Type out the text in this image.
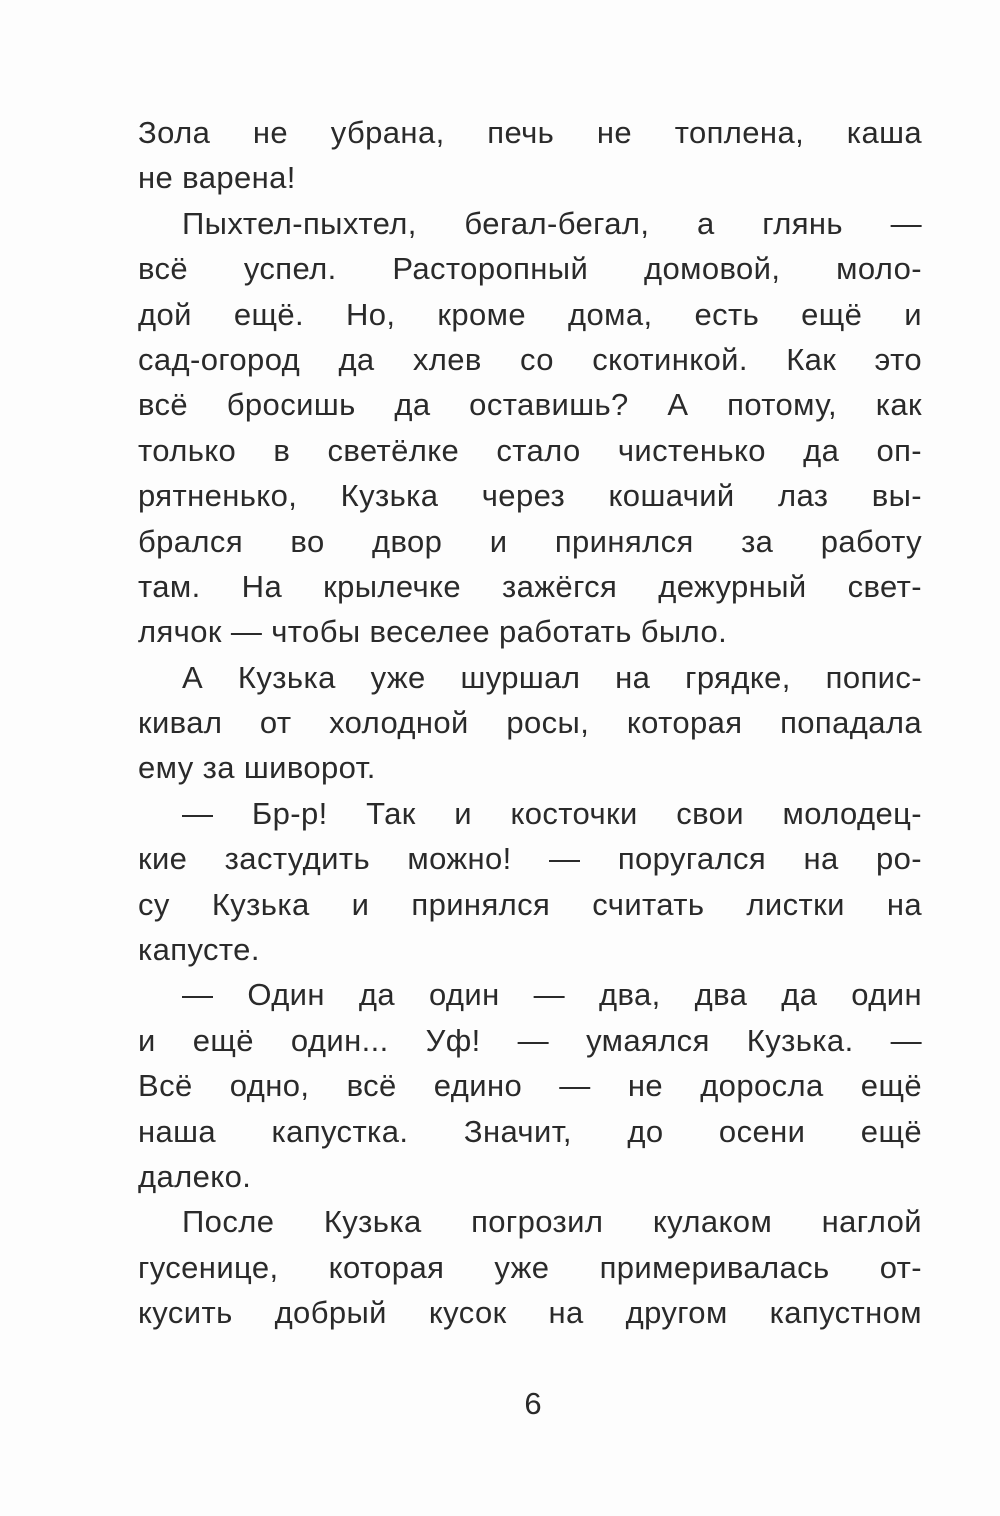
Зола не убрана, печь не топлена, каша
не варена!
Пыхтел-пыхтел, бегал-бегал, а глянь —
всё успел. Расторопный домовой, моло-
дой ещё. Но, кроме дома, есть ещё и
сад-огород да хлев со скотинкой. Как это
всё бросишь да оставишь? А потому, как
только в светёлке стало чистенько да оп-
рятненько, Кузька через кошачий лаз вы-
брался во двор и принялся за работу
там. На крылечке зажёгся дежурный свет-
лячок — чтобы веселее работать было.
А Кузька уже шуршал на грядке, попис-
кивал от холодной росы, которая попадала
ему за шиворот.
— Бр-р! Так и косточки свои молодец-
кие застудить можно! — поругался на ро-
су Кузька и принялся считать листки на
капусте.
— Один да один — два, два да один
и ещё один... Уф! — умаялся Кузька. —
Всё одно, всё едино — не доросла ещё
наша капустка. Значит, до осени ещё
далеко.
После Кузька погрозил кулаком наглой
гусенице, которая уже примеривалась от-
кусить добрый кусок на другом капустном
6
